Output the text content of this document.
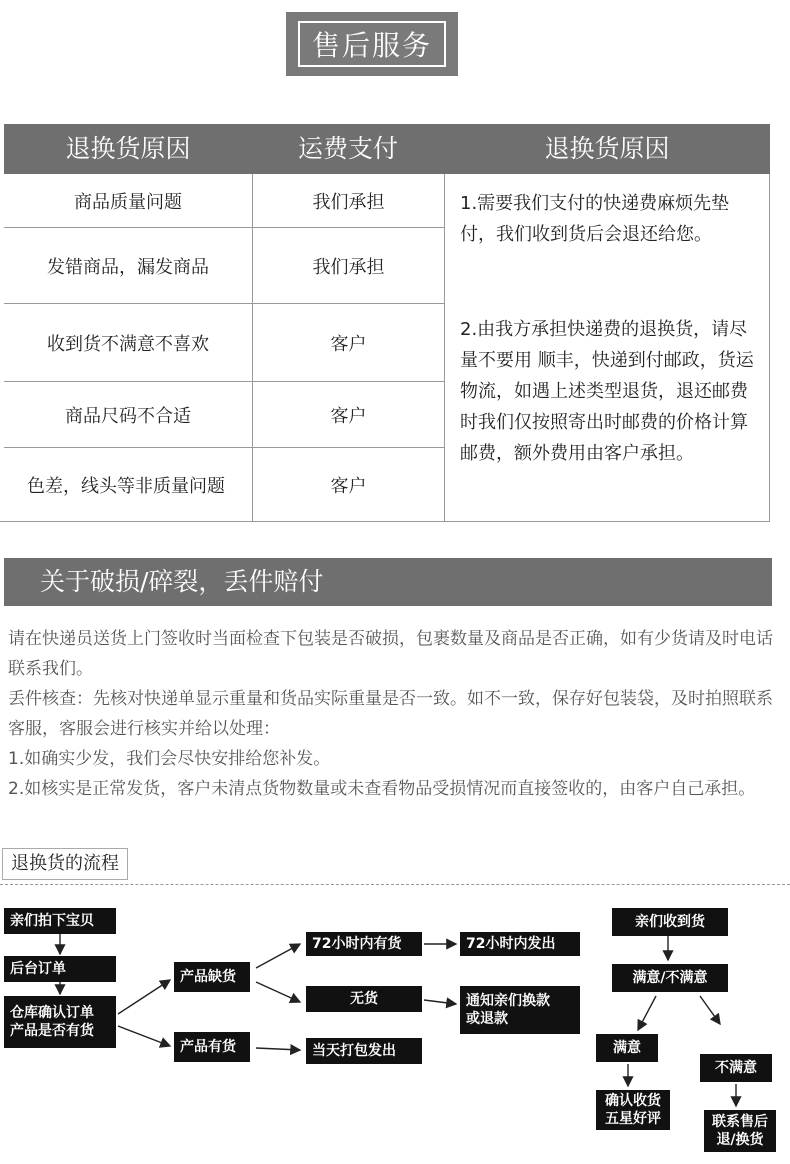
售后服务
退换货原因	运费支付	退换货原因
商品质量问题	我们承担
发错商品，漏发商品	我们承担
收到货不满意不喜欢	客户
商品尺码不合适	客户
色差，线头等非质量问题	客户
1.需要我们支付的快递费麻烦先垫付，我们收到货后会退还给您。
2.由我方承担快递费的退换货，请尽量不要用 顺丰，快递到付邮政，货运物流，如遇上述类型退货，退还邮费时我们仅按照寄出时邮费的价格计算邮费，额外费用由客户承担。
关于破损/碎裂，丢件赔付
请在快递员送货上门签收时当面检查下包装是否破损，包裹数量及商品是否正确，如有少货请及时电话联系我们。
丢件核查：先核对快递单显示重量和货品实际重量是否一致。如不一致，保存好包装袋，及时拍照联系客服，客服会进行核实并给以处理：
1.如确实少发，我们会尽快安排给您补发。
2.如核实是正常发货，客户未清点货物数量或未查看物品受损情况而直接签收的，由客户自己承担。
退换货的流程
亲们拍下宝贝
后台订单
仓库确认订单
产品是否有货
产品缺货
产品有货
72小时内有货
无货
当天打包发出
72小时内发出
通知亲们换款
或退款
亲们收到货
满意/不满意
满意
不满意
确认收货
五星好评	联系售后
退/换货
